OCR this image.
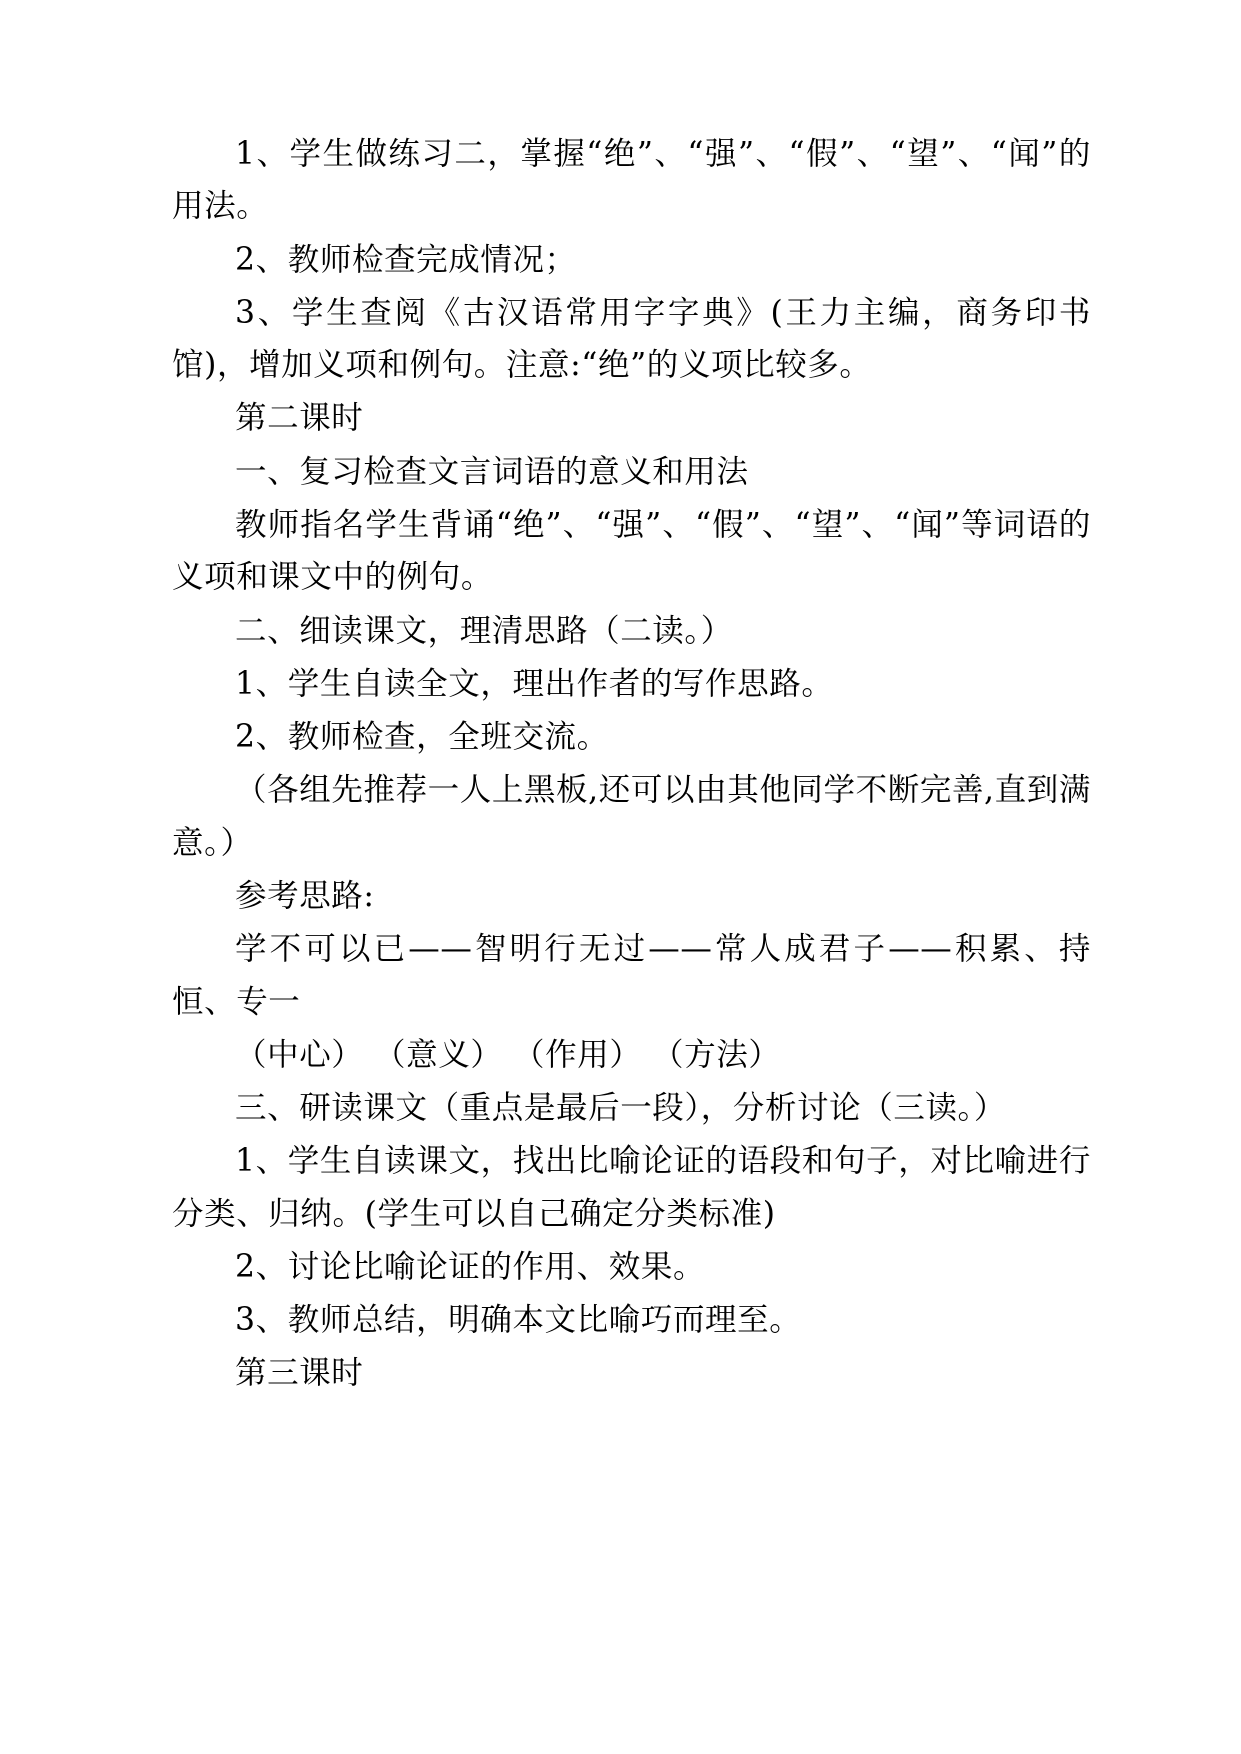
1、学生做练习二，掌握“绝”、“强”、“假”、“望”、“闻”的用法。

2、教师检查完成情况；

3、学生查阅《古汉语常用字字典》(王力主编，商务印书馆)，增加义项和例句。注意:“绝”的义项比较多。

第二课时

一、复习检查文言词语的意义和用法

教师指名学生背诵“绝”、“强”、“假”、“望”、“闻”等词语的义项和课文中的例句。

二、细读课文，理清思路（二读。）

1、学生自读全文，理出作者的写作思路。

2、教师检查，全班交流。

（各组先推荐一人上黑板,还可以由其他同学不断完善,直到满意。）

参考思路:

学不可以已——智明行无过——常人成君子——积累、持恒、专一

（中心） （意义） （作用） （方法）

三、研读课文（重点是最后一段），分析讨论（三读。）

1、学生自读课文，找出比喻论证的语段和句子，对比喻进行分类、归纳。(学生可以自己确定分类标准)

2、讨论比喻论证的作用、效果。

3、教师总结，明确本文比喻巧而理至。

第三课时
